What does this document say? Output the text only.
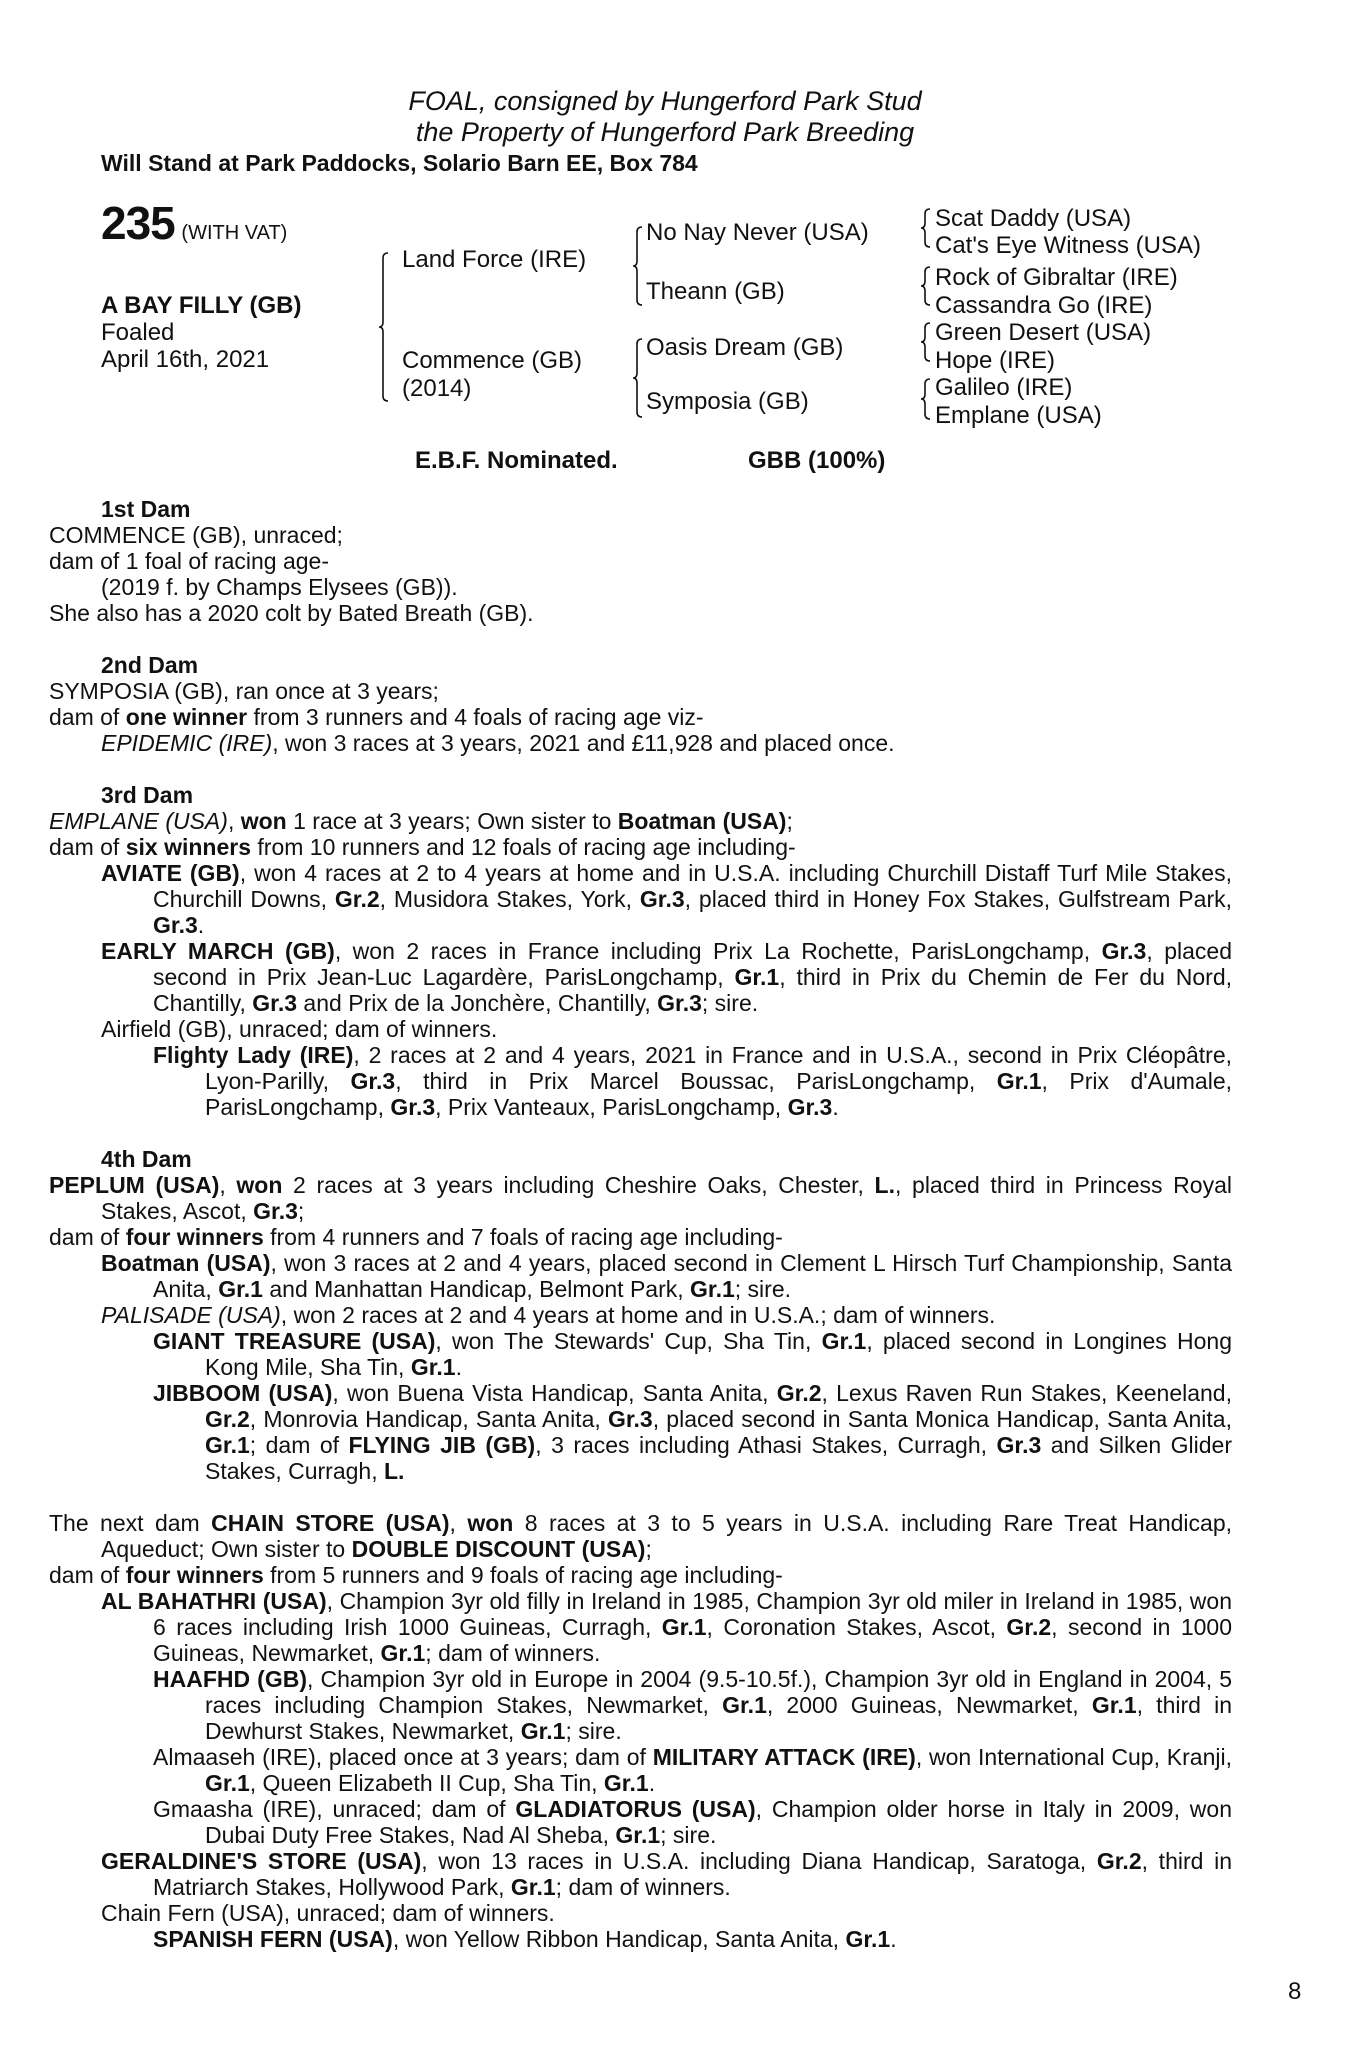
FOAL, consigned by Hungerford Park Stud
the Property of Hungerford Park Breeding
Will Stand at Park Paddocks, Solario Barn EE, Box 784
235 (WITH VAT)
A BAY FILLY (GB)
Foaled
April 16th, 2021
Land Force (IRE)
Commence (GB)
(2014)
No Nay Never (USA)
Theann (GB)
Oasis Dream (GB)
Symposia (GB)
Scat Daddy (USA)
Cat's Eye Witness (USA)
Rock of Gibraltar (IRE)
Cassandra Go (IRE)
Green Desert (USA)
Hope (IRE)
Galileo (IRE)
Emplane (USA)
E.B.F. Nominated.	GBB (100%)
1st Dam
COMMENCE (GB), unraced;
dam of 1 foal of racing age-
(2019 f. by Champs Elysees (GB)).
She also has a 2020 colt by Bated Breath (GB).
2nd Dam
SYMPOSIA (GB), ran once at 3 years;
dam of one winner from 3 runners and 4 foals of racing age viz-
EPIDEMIC (IRE), won 3 races at 3 years, 2021 and £11,928 and placed once.
3rd Dam
EMPLANE (USA), won 1 race at 3 years; Own sister to Boatman (USA);
dam of six winners from 10 runners and 12 foals of racing age including-
AVIATE (GB), won 4 races at 2 to 4 years at home and in U.S.A. including Churchill Distaff Turf Mile Stakes, Churchill Downs, Gr.2, Musidora Stakes, York, Gr.3, placed third in Honey Fox Stakes, Gulfstream Park, Gr.3.
EARLY MARCH (GB), won 2 races in France including Prix La Rochette, ParisLongchamp, Gr.3, placed second in Prix Jean-Luc Lagardère, ParisLongchamp, Gr.1, third in Prix du Chemin de Fer du Nord, Chantilly, Gr.3 and Prix de la Jonchère, Chantilly, Gr.3; sire.
Airfield (GB), unraced; dam of winners.
Flighty Lady (IRE), 2 races at 2 and 4 years, 2021 in France and in U.S.A., second in Prix Cléopâtre, Lyon-Parilly, Gr.3, third in Prix Marcel Boussac, ParisLongchamp, Gr.1, Prix d'Aumale, ParisLongchamp, Gr.3, Prix Vanteaux, ParisLongchamp, Gr.3.
4th Dam
PEPLUM (USA), won 2 races at 3 years including Cheshire Oaks, Chester, L., placed third in Princess Royal Stakes, Ascot, Gr.3;
dam of four winners from 4 runners and 7 foals of racing age including-
Boatman (USA), won 3 races at 2 and 4 years, placed second in Clement L Hirsch Turf Championship, Santa Anita, Gr.1 and Manhattan Handicap, Belmont Park, Gr.1; sire.
PALISADE (USA), won 2 races at 2 and 4 years at home and in U.S.A.; dam of winners.
GIANT TREASURE (USA), won The Stewards' Cup, Sha Tin, Gr.1, placed second in Longines Hong Kong Mile, Sha Tin, Gr.1.
JIBBOOM (USA), won Buena Vista Handicap, Santa Anita, Gr.2, Lexus Raven Run Stakes, Keeneland, Gr.2, Monrovia Handicap, Santa Anita, Gr.3, placed second in Santa Monica Handicap, Santa Anita, Gr.1; dam of FLYING JIB (GB), 3 races including Athasi Stakes, Curragh, Gr.3 and Silken Glider Stakes, Curragh, L.
The next dam CHAIN STORE (USA), won 8 races at 3 to 5 years in U.S.A. including Rare Treat Handicap, Aqueduct; Own sister to DOUBLE DISCOUNT (USA);
dam of four winners from 5 runners and 9 foals of racing age including-
AL BAHATHRI (USA), Champion 3yr old filly in Ireland in 1985, Champion 3yr old miler in Ireland in 1985, won 6 races including Irish 1000 Guineas, Curragh, Gr.1, Coronation Stakes, Ascot, Gr.2, second in 1000 Guineas, Newmarket, Gr.1; dam of winners.
HAAFHD (GB), Champion 3yr old in Europe in 2004 (9.5-10.5f.), Champion 3yr old in England in 2004, 5 races including Champion Stakes, Newmarket, Gr.1, 2000 Guineas, Newmarket, Gr.1, third in Dewhurst Stakes, Newmarket, Gr.1; sire.
Almaaseh (IRE), placed once at 3 years; dam of MILITARY ATTACK (IRE), won International Cup, Kranji, Gr.1, Queen Elizabeth II Cup, Sha Tin, Gr.1.
Gmaasha (IRE), unraced; dam of GLADIATORUS (USA), Champion older horse in Italy in 2009, won Dubai Duty Free Stakes, Nad Al Sheba, Gr.1; sire.
GERALDINE'S STORE (USA), won 13 races in U.S.A. including Diana Handicap, Saratoga, Gr.2, third in Matriarch Stakes, Hollywood Park, Gr.1; dam of winners.
Chain Fern (USA), unraced; dam of winners.
SPANISH FERN (USA), won Yellow Ribbon Handicap, Santa Anita, Gr.1.
8
